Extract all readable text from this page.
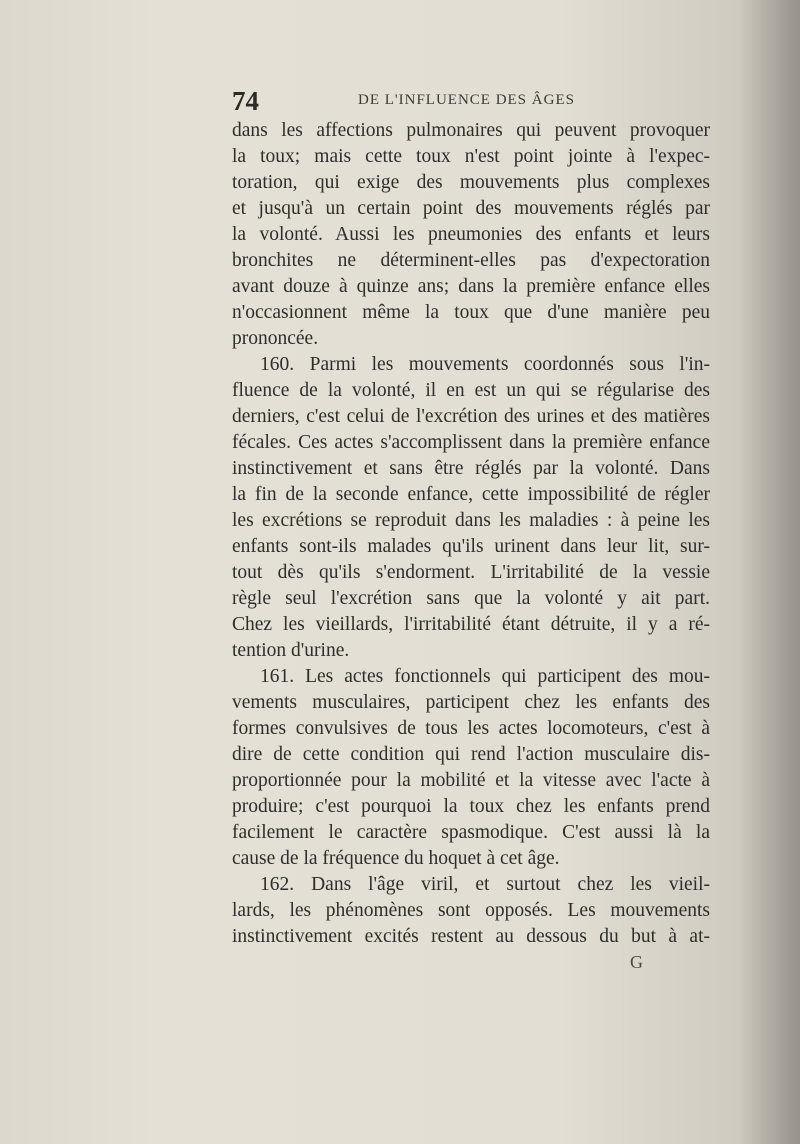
74	DE L'INFLUENCE DES ÂGES
dans les affections pulmonaires qui peuvent provoquer
la toux; mais cette toux n'est point jointe à l'expec-
toration, qui exige des mouvements plus complexes
et jusqu'à un certain point des mouvements réglés par
la volonté. Aussi les pneumonies des enfants et leurs
bronchites ne déterminent-elles pas d'expectoration
avant douze à quinze ans; dans la première enfance elles
n'occasionnent même la toux que d'une manière peu
prononcée.
160. Parmi les mouvements coordonnés sous l'in-
fluence de la volonté, il en est un qui se régularise des
derniers, c'est celui de l'excrétion des urines et des matières
fécales. Ces actes s'accomplissent dans la première enfance
instinctivement et sans être réglés par la volonté. Dans
la fin de la seconde enfance, cette impossibilité de régler
les excrétions se reproduit dans les maladies : à peine les
enfants sont-ils malades qu'ils urinent dans leur lit, sur-
tout dès qu'ils s'endorment. L'irritabilité de la vessie
règle seul l'excrétion sans que la volonté y ait part.
Chez les vieillards, l'irritabilité étant détruite, il y a ré-
tention d'urine.
161. Les actes fonctionnels qui participent des mou-
vements musculaires, participent chez les enfants des
formes convulsives de tous les actes locomoteurs, c'est à
dire de cette condition qui rend l'action musculaire dis-
proportionnée pour la mobilité et la vitesse avec l'acte à
produire; c'est pourquoi la toux chez les enfants prend
facilement le caractère spasmodique. C'est aussi là la
cause de la fréquence du hoquet à cet âge.
162. Dans l'âge viril, et surtout chez les vieil-
lards, les phénomènes sont opposés. Les mouvements
instinctivement excités restent au dessous du but à at-
G
